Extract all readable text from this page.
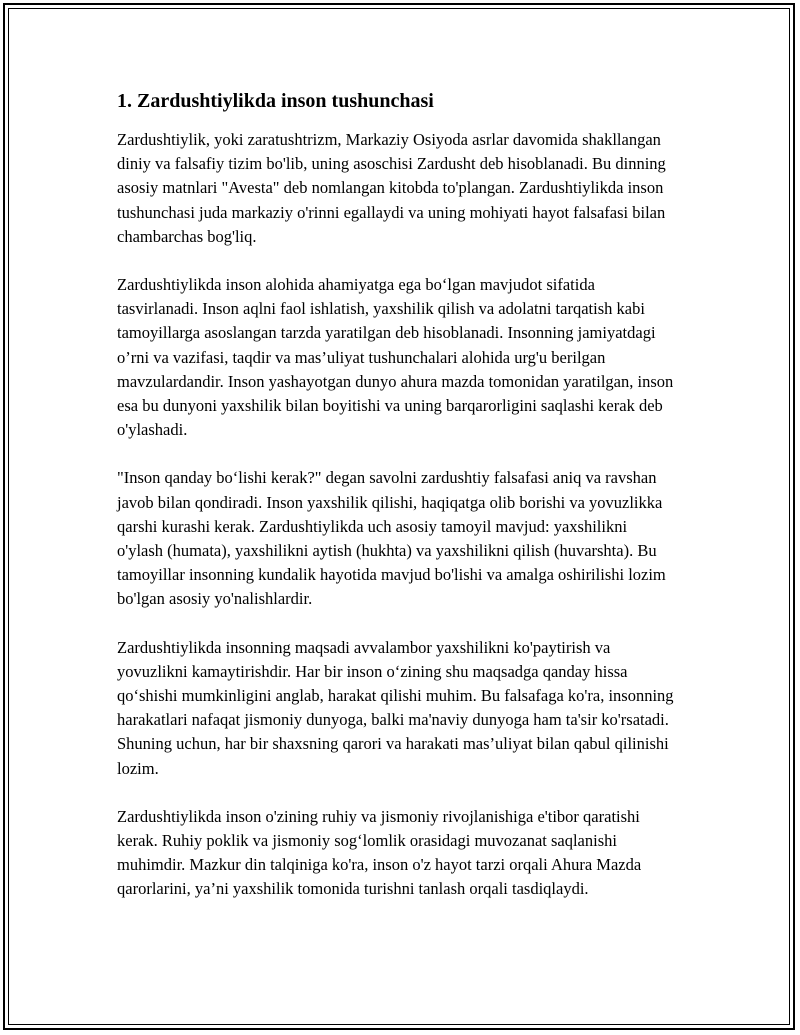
1. Zardushtiylikda inson tushunchasi

Zardushtiylik, yoki zaratushtrizm, Markaziy Osiyoda asrlar davomida shakllangan diniy va falsafiy tizim bo'lib, uning asoschisi Zardusht deb hisoblanadi. Bu dinning asosiy matnlari "Avesta" deb nomlangan kitobda to'plangan. Zardushtiylikda inson tushunchasi juda markaziy o'rinni egallaydi va uning mohiyati hayot falsafasi bilan chambarchas bog'liq.

Zardushtiylikda inson alohida ahamiyatga ega bo‘lgan mavjudot sifatida tasvirlanadi. Inson aqlni faol ishlatish, yaxshilik qilish va adolatni tarqatish kabi tamoyillarga asoslangan tarzda yaratilgan deb hisoblanadi. Insonning jamiyatdagi o’rni va vazifasi, taqdir va mas’uliyat tushunchalari alohida urg'u berilgan mavzulardandir. Inson yashayotgan dunyo ahura mazda tomonidan yaratilgan, inson esa bu dunyoni yaxshilik bilan boyitishi va uning barqarorligini saqlashi kerak deb o'ylashadi.

"Inson qanday bo‘lishi kerak?" degan savolni zardushtiy falsafasi aniq va ravshan javob bilan qondiradi. Inson yaxshilik qilishi, haqiqatga olib borishi va yovuzlikka qarshi kurashi kerak. Zardushtiylikda uch asosiy tamoyil mavjud: yaxshilikni o'ylash (humata), yaxshilikni aytish (hukhta) va yaxshilikni qilish (huvarshta). Bu tamoyillar insonning kundalik hayotida mavjud bo'lishi va amalga oshirilishi lozim bo'lgan asosiy yo'nalishlardir.

Zardushtiylikda insonning maqsadi avvalambor yaxshilikni ko'paytirish va yovuzlikni kamaytirishdir. Har bir inson o‘zining shu maqsadga qanday hissa qo‘shishi mumkinligini anglab, harakat qilishi muhim. Bu falsafaga ko'ra, insonning harakatlari nafaqat jismoniy dunyoga, balki ma'naviy dunyoga ham ta'sir ko'rsatadi. Shuning uchun, har bir shaxsning qarori va harakati mas’uliyat bilan qabul qilinishi lozim.

Zardushtiylikda inson o'zining ruhiy va jismoniy rivojlanishiga e'tibor qaratishi kerak. Ruhiy poklik va jismoniy sog‘lomlik orasidagi muvozanat saqlanishi muhimdir. Mazkur din talqiniga ko'ra, inson o'z hayot tarzi orqali Ahura Mazda qarorlarini, ya’ni yaxshilik tomonida turishni tanlash orqali tasdiqlaydi.
